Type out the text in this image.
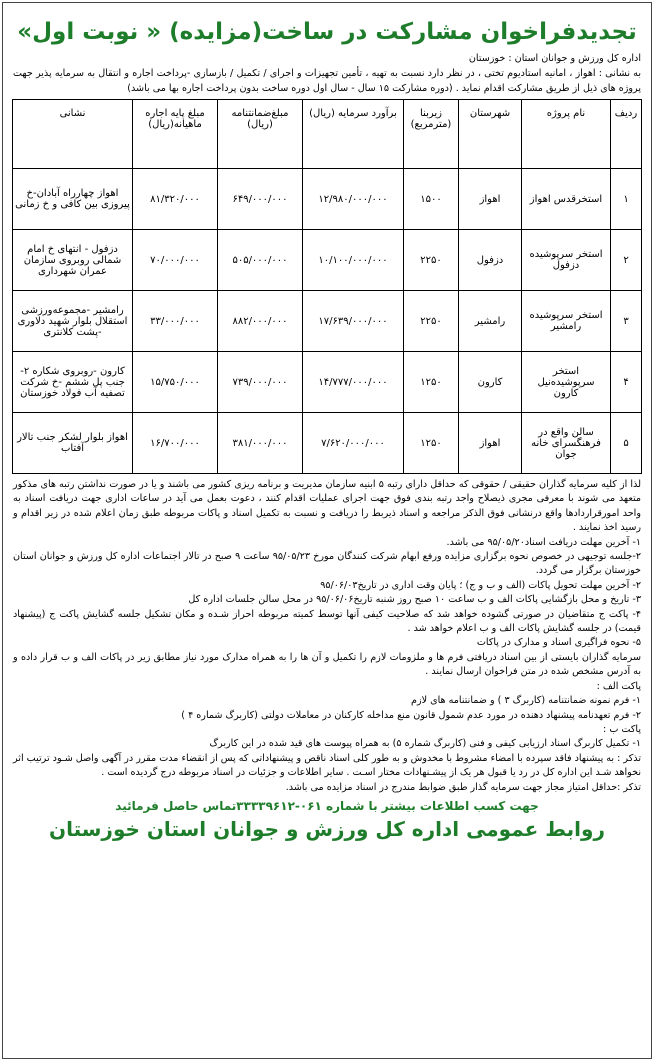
تجدیدفراخوان مشارکت در ساخت(مزایده) « نوبت اول»
اداره کل ورزش و جوانان استان : خوزستان
به نشانی : اهواز ، امانیه استادیوم تختی ، در نظر دارد نسبت به تهیه ، تأمین تجهیزات و اجرای / تکمیل / بازسازی -پرداخت اجاره و انتقال به سرمایه پذیر جهت پروژه های ذیل از طریق مشارکت اقدام نماید . (دوره مشارکت ۱۵ سال - سال اول دوره ساخت بدون پرداخت اجاره بها می باشد)
ردیف	نام پروژه	شهرستان	زیربنا (مترمربع)	برآورد سرمایه (ریال)	مبلغ‌ضمانتنامه (ریال)	مبلغ پایه اجاره ماهیانه(ریال)	نشانی
۱	استخرقدس اهواز	اهواز	۱۵۰۰	۱۲/۹۸۰/۰۰۰/۰۰۰	۶۴۹/۰۰۰/۰۰۰	۸۱/۳۲۰/۰۰۰	اهواز چهارراه آبادان-خ پیروزی بین کافی و خ زمانی
۲	استخر سرپوشیده دزفول	دزفول	۲۲۵۰	۱۰/۱۰۰/۰۰۰/۰۰۰	۵۰۵/۰۰۰/۰۰۰	۷۰/۰۰۰/۰۰۰	دزفول - انتهای خ امام شمالی روبروی سازمان عمران شهرداری
۳	استخر سرپوشیده رامشیر	رامشیر	۲۲۵۰	۱۷/۶۳۹/۰۰۰/۰۰۰	۸۸۲/۰۰۰/۰۰۰	۳۳/۰۰۰/۰۰۰	رامشیر -مجموعه‌ورزشی استقلال بلوار شهید دلاوری -پشت کلانتری
۴	استخر سرپوشیده‌نیل کارون	کارون	۱۲۵۰	۱۴/۷۷۷/۰۰۰/۰۰۰	۷۳۹/۰۰۰/۰۰۰	۱۵/۷۵۰/۰۰۰	کارون -روبروی شکاره ۲-جنب پل ششم -خ شرکت تصفیه آب فولاد خوزستان
۵	سالن واقع در فرهنگسرای خانه جوان	اهواز	۱۲۵۰	۷/۶۲۰/۰۰۰/۰۰۰	۳۸۱/۰۰۰/۰۰۰	۱۶/۷۰۰/۰۰۰	اهواز بلوار لشکر جنب تالار آفتاب
لذا از کلیه سرمایه گذاران حقیقی / حقوقی که حداقل دارای رتبه ۵ ابنیه سازمان مدیریت و برنامه ریزی کشور می باشند و یا در صورت نداشتن رتبه های مذکور متعهد می شوند با معرفی مجری ذیصلاح واجد رتبه بندی فوق جهت اجرای عملیات اقدام کنند ، دعوت بعمل می آید در ساعات اداری جهت دریافت اسناد به واحد امورقراردادها واقع درنشانی فوق الذکر مراجعه و اسناد ذیربط را دریافت و نسبت به تکمیل اسناد و پاکات مربوطه طبق زمان اعلام شده در زیر اقدام و رسید اخذ نمایند .
۱- آخرین مهلت دریافت اسناد۹۵/۰۵/۲۰ می باشد.
۲-جلسه توجیهی در خصوص نحوه برگزاری مزایده ورفع ابهام شرکت کنندگان مورخ ۹۵/۰۵/۲۳ ساعت ۹ صبح در تالار اجتماعات اداره کل ورزش و جوانان استان خوزستان برگزار می گردد.
۲- آخرین مهلت تحویل پاکات (الف و ب و ج) ؛ پایان وقت اداری در تاریخ۹۵/۰۶/۰۳
۳- تاریخ و محل بازگشایی پاکات الف و ب ساعت ۱۰ صبح روز شنبه تاریخ۹۵/۰۶/۰۶ در محل سالن جلسات اداره کل
۴- پاکت ج متقاضیان در صورتی گشوده خواهد شد که صلاحیت کیفی آنها توسط کمیته مربوطه احراز شـده و مکان تشکیل جلسه گشایش پاکت ج (پیشنهاد قیمت) در جلسه گشایش پاکات الف و ب اعلام خواهد شد .
۵- نحوه فراگیری اسناد و مدارک در پاکات
سرمایه گذاران بایستی از بین اسناد دریافتی فرم ها و ملزومات لازم را تکمیل و آن ها را به همراه مدارک مورد نیاز مطابق زیر در پاکات الف و ب قرار داده و به آدرس مشخص شده در متن فراخوان ارسال نمایند .
پاکت الف :
۱- فرم نمونه ضمانتنامه (کاربرگ ۳ ) و ضمانتنامه های لازم
۲- فرم تعهدنامه پیشنهاد دهنده در مورد عدم شمول قانون منع مداخله کارکنان در معاملات دولتی (کاربرگ شماره ۴ )
پاکت ب :
۱- تکمیل کاربرگ اسناد ارزیابی کیفی و فنی (کاربرگ شماره ۵) به همراه پیوست های قید شده در این کاربرگ
تذکر : به پیشنهاد فاقد سپرده با امضاء مشروط با مخدوش و به طور کلی اسناد ناقص و پیشنهاداتی که پس از انقضاء مدت مقرر در آگهی واصل شـود ترتیب اثر نخواهد شـد این اداره کل در رد یا قبول هر یک از پیشـنهادات مختار اسـت . سایر اطلاعات و جزئیات در اسناد مربوطه درج گردیده است .
تذکر :حداقل امتیاز مجاز جهت سرمایه گذار طبق ضوابط مندرج در اسناد مزایده می باشد.
جهت کسب اطلاعات بیشتر با شماره ۰۶۱-۳۳۳۳۹۶۱۲تماس حاصل فرمائید
روابط عمومی اداره کل ورزش و جوانان استان خوزستان
